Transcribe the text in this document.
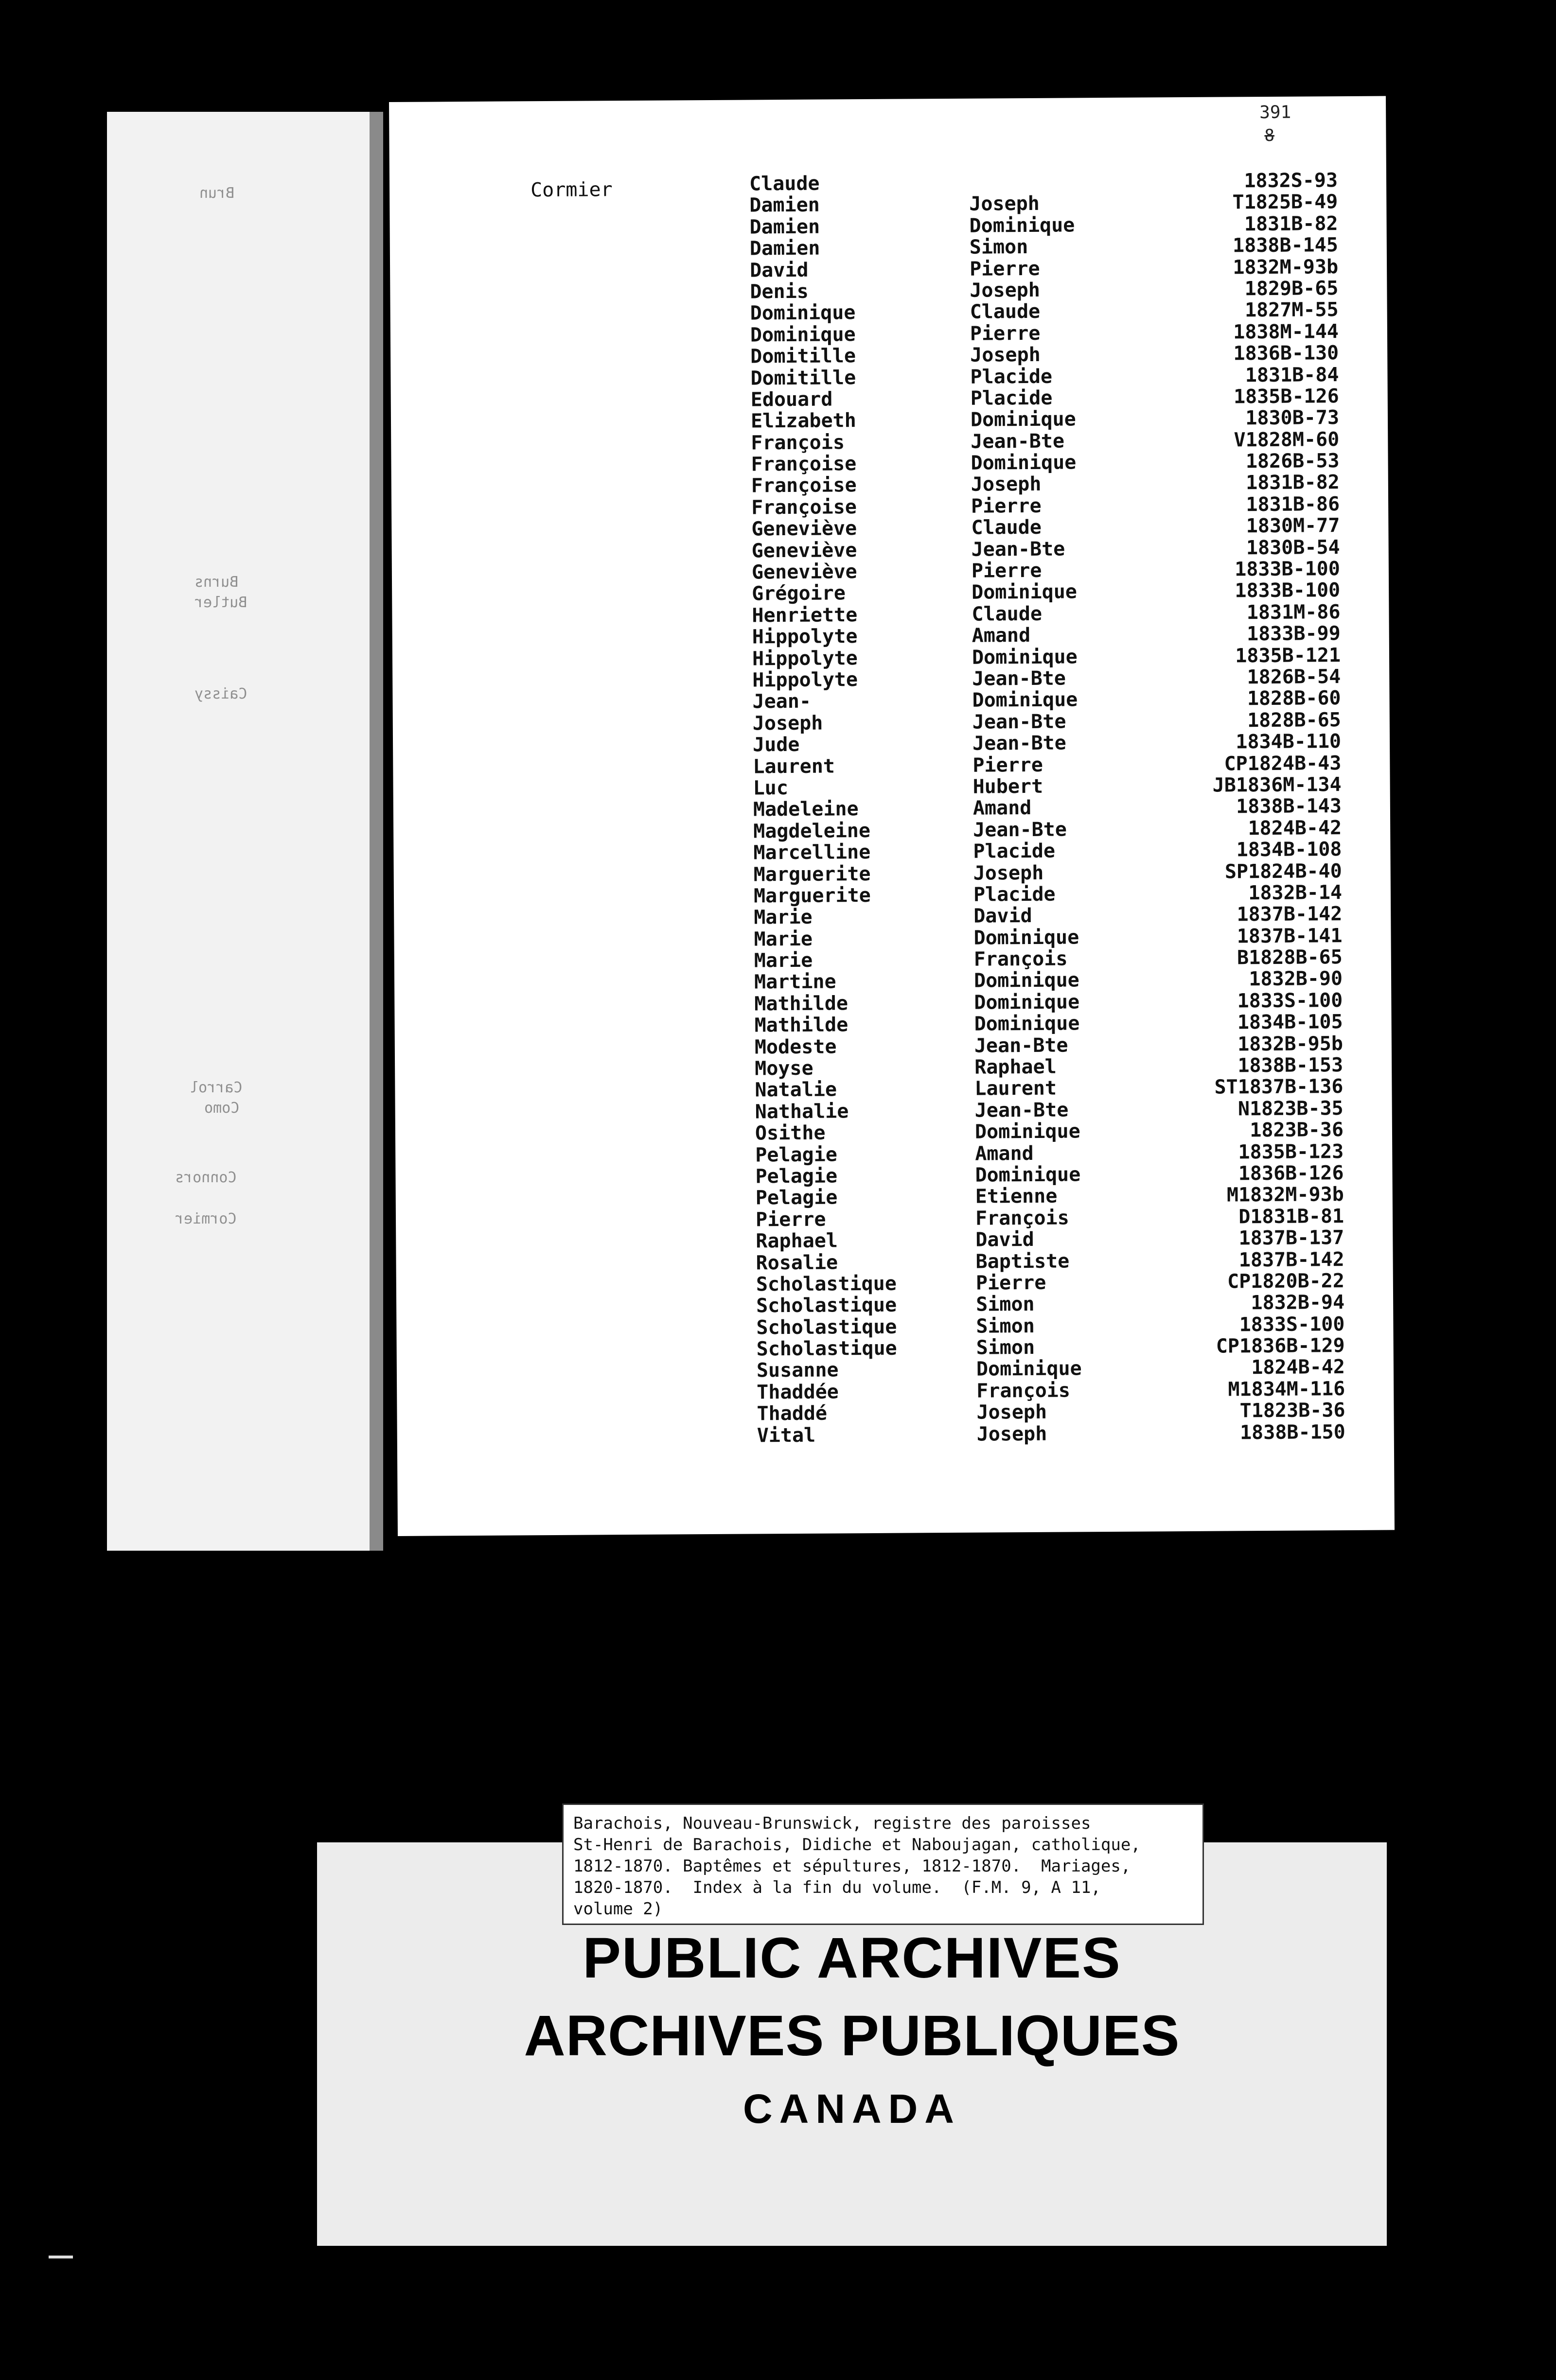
Brun
Burns
Butler
Caissy
Carrol
Como
Connors
Cormier
391
8
Cormier	Claude	1832S-93
Damien	Joseph	T1825B-49
Damien	Dominique	1831B-82
Damien	Simon	1838B-145
David	Pierre	1832M-93b
Denis	Joseph	1829B-65
Dominique	Claude	1827M-55
Dominique	Pierre	1838M-144
Domitille	Joseph	1836B-130
Domitille	Placide	1831B-84
Edouard	Placide	1835B-126
Elizabeth	Dominique	1830B-73
François	Jean-Bte	V1828M-60
Françoise	Dominique	1826B-53
Françoise	Joseph	1831B-82
Françoise	Pierre	1831B-86
Geneviève	Claude	1830M-77
Geneviève	Jean-Bte	1830B-54
Geneviève	Pierre	1833B-100
Grégoire	Dominique	1833B-100
Henriette	Claude	1831M-86
Hippolyte	Amand	1833B-99
Hippolyte	Dominique	1835B-121
Hippolyte	Jean-Bte	1826B-54
Jean-	Dominique	1828B-60
Joseph	Jean-Bte	1828B-65
Jude	Jean-Bte	1834B-110
Laurent	Pierre	CP1824B-43
Luc	Hubert	JB1836M-134
Madeleine	Amand	1838B-143
Magdeleine	Jean-Bte	1824B-42
Marcelline	Placide	1834B-108
Marguerite	Joseph	SP1824B-40
Marguerite	Placide	1832B-14
Marie	David	1837B-142
Marie	Dominique	1837B-141
Marie	François	B1828B-65
Martine	Dominique	1832B-90
Mathilde	Dominique	1833S-100
Mathilde	Dominique	1834B-105
Modeste	Jean-Bte	1832B-95b
Moyse	Raphael	1838B-153
Natalie	Laurent	ST1837B-136
Nathalie	Jean-Bte	N1823B-35
Osithe	Dominique	1823B-36
Pelagie	Amand	1835B-123
Pelagie	Dominique	1836B-126
Pelagie	Etienne	M1832M-93b
Pierre	François	D1831B-81
Raphael	David	1837B-137
Rosalie	Baptiste	1837B-142
Scholastique	Pierre	CP1820B-22
Scholastique	Simon	1832B-94
Scholastique	Simon	1833S-100
Scholastique	Simon	CP1836B-129
Susanne	Dominique	1824B-42
Thaddée	François	M1834M-116
Thaddé	Joseph	T1823B-36
Vital	Joseph	1838B-150
PUBLIC ARCHIVES
ARCHIVES PUBLIQUES
CANADA
Barachois, Nouveau-Brunswick, registre des paroisses
St-Henri de Barachois, Didiche et Naboujagan, catholique,
1812-1870. Baptêmes et sépultures, 1812-1870.  Mariages,
1820-1870.  Index à la fin du volume.  (F.M. 9, A 11,
volume 2)
